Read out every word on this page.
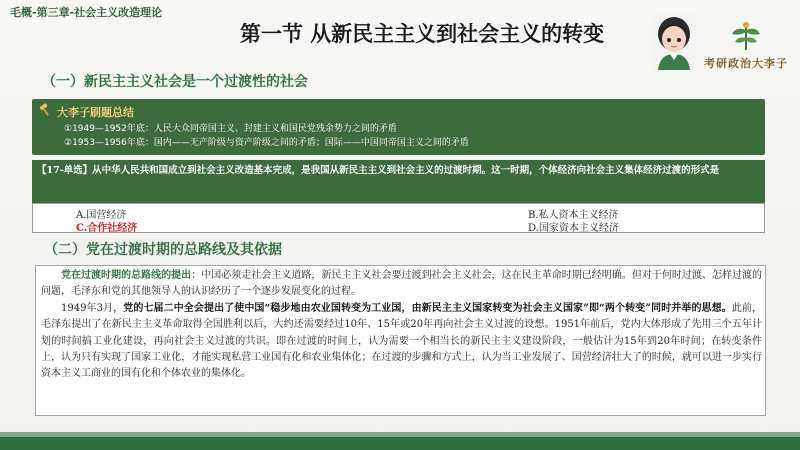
毛概-第三章-社会主义改造理论
第一节 从新民主主义到社会主义的转变
考研政治大李子
（一）新民主主义社会是一个过渡性的社会
大李子刷题总结
①1949—1952年底：人民大众同帝国主义、封建主义和国民党残余势力之间的矛盾
②1953—1956年底：国内——无产阶级与资产阶级之间的矛盾；国际——中国同帝国主义之间的矛盾
【17-单选】从中华人民共和国成立到社会主义改造基本完成，是我国从新民主主义到社会主义的过渡时期。这一时期，个体经济向社会主义集体经济过渡的形式是
A.国营经济	B.私人资本主义经济
C.合作社经济	D.国家资本主义经济
（二）党在过渡时期的总路线及其依据

党在过渡时期的总路线的提出：中国必须走社会主义道路，新民主主义社会要过渡到社会主义社会，这在民主革命时期已经明确。但对于何时过渡、怎样过渡的问题，毛泽东和党的其他领导人的认识经历了一个逐步发展变化的过程。

1949年3月，党的七届二中全会提出了使中国“稳步地由农业国转变为工业国，由新民主主义国家转变为社会主义国家”即“两个转变”同时并举的思想。此前，毛泽东提出了在新民主主义革命取得全国胜利以后，大约还需要经过10年、15年或20年再向社会主义过渡的设想。1951年前后，党内大体形成了先用三个五年计划的时间搞工业化建设，再向社会主义过渡的共识。即在过渡的时间上，认为需要一个相当长的新民主主义建设阶段，一般估计为15年到20年时间；在转变条件上，认为只有实现了国家工业化，才能实现私营工业国有化和农业集体化；在过渡的步骤和方式上，认为当工业发展了、国营经济壮大了的时候，就可以进一步实行资本主义工商业的国有化和个体农业的集体化。
